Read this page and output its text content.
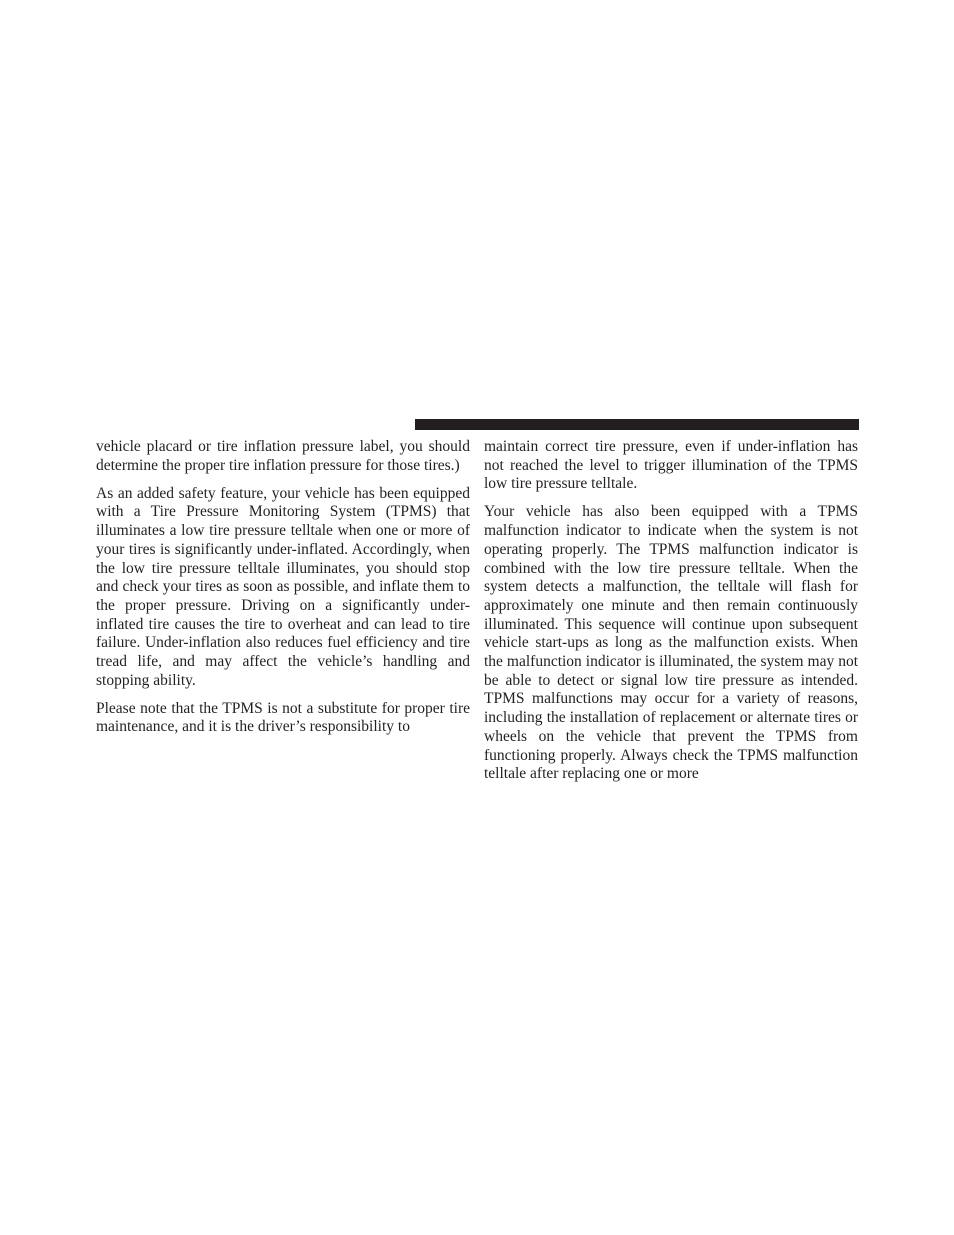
vehicle placard or tire inflation pressure label, you should determine the proper tire inflation pressure for those tires.)

As an added safety feature, your vehicle has been equipped with a Tire Pressure Monitoring System (TPMS) that illuminates a low tire pressure telltale when one or more of your tires is significantly under-inflated. Accordingly, when the low tire pressure telltale illuminates, you should stop and check your tires as soon as possible, and inflate them to the proper pressure. Driving on a significantly under-inflated tire causes the tire to overheat and can lead to tire failure. Under-inflation also reduces fuel efficiency and tire tread life, and may affect the vehicle’s handling and stopping ability.

Please note that the TPMS is not a substitute for proper tire maintenance, and it is the driver’s responsibility to

maintain correct tire pressure, even if under-inflation has not reached the level to trigger illumination of the TPMS low tire pressure telltale.

Your vehicle has also been equipped with a TPMS malfunction indicator to indicate when the system is not operating properly. The TPMS malfunction indicator is combined with the low tire pressure telltale. When the system detects a malfunction, the telltale will flash for approximately one minute and then remain continuously illuminated. This sequence will continue upon subsequent vehicle start-ups as long as the malfunction exists. When the malfunction indicator is illuminated, the system may not be able to detect or signal low tire pressure as intended. TPMS malfunctions may occur for a variety of reasons, including the installation of replacement or alternate tires or wheels on the vehicle that prevent the TPMS from functioning properly. Always check the TPMS malfunction telltale after replacing one or more
